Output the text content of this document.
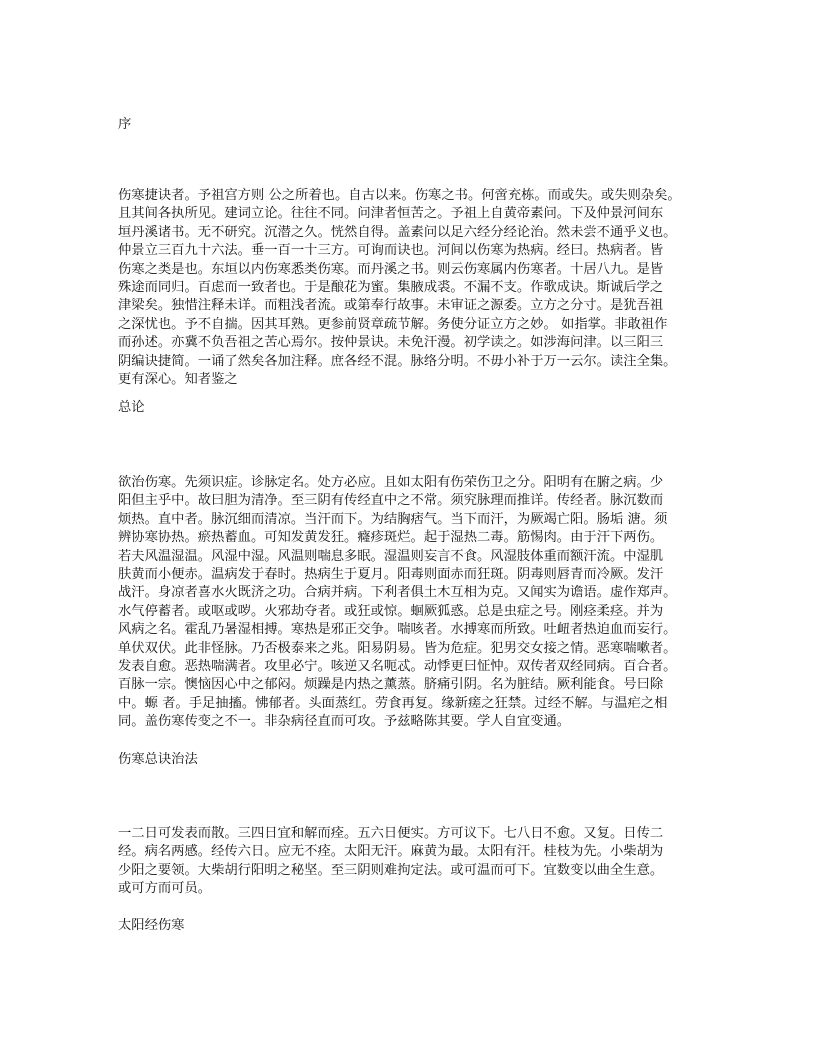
序
伤寒捷诀者。予祖宫方则 公之所着也。自古以来。伤寒之书。何啻充栋。而或失。或失则杂矣。
且其间各执所见。建词立论。往往不同。问津者恒苦之。予祖上自黄帝素问。下及仲景河间东
垣丹溪诸书。无不研究。沉潜之久。恍然自得。盖素问以足六经分经论治。然未尝不通乎义也。
仲景立三百九十六法。垂一百一十三方。可询而诀也。河间以伤寒为热病。经曰。热病者。皆
伤寒之类是也。东垣以内伤寒悉类伤寒。而丹溪之书。则云伤寒属内伤寒者。十居八九。是皆
殊途而同归。百虑而一致者也。于是酿花为蜜。集腋成裘。不漏不支。作歌成诀。斯诚后学之
津梁矣。独惜注释未详。而粗浅者流。或第奉行故事。未审证之源委。立方之分寸。是犹吾祖
之深忧也。予不自揣。因其耳熟。更参前贤章疏节解。务使分证立方之妙。 如指掌。非敢祖作
而孙述。亦冀不负吾祖之苦心焉尔。按仲景诀。未免汗漫。初学读之。如涉海问津。以三阳三
阴编诀捷简。一诵了然矣各加注释。庶各经不混。脉络分明。不毋小补于万一云尔。读注全集。
更有深心。知者鉴之
总论
欲治伤寒。先须识症。诊脉定名。处方必应。且如太阳有伤荣伤卫之分。阳明有在腑之病。少
阳但主乎中。故曰胆为清净。至三阴有传经直中之不常。须究脉理而推详。传经者。脉沉数而
烦热。直中者。脉沉细而清凉。当汗而下。为结胸痞气。当下而汗，为厥竭亡阳。肠垢 溏。须
辨协寒协热。瘀热蓄血。可知发黄发狂。癃疹斑烂。起于湿热二毒。筋惕肉。由于汗下两伤。
若夫风温湿温。风湿中湿。风温则喘息多眠。湿温则妄言不食。风湿肢体重而额汗流。中湿肌
肤黄而小便赤。温病发于春时。热病生于夏月。阳毒则面赤而狂斑。阴毒则唇青而冷厥。发汗
战汗。身凉者喜水火既济之功。合病并病。下利者俱土木互相为克。又闻实为谵语。虚作郑声。
水气停蓄者。或呕或哕。火邪劫夺者。或狂或惊。蛔厥狐惑。总是虫症之号。刚痉柔痉。并为
风病之名。霍乱乃暑湿相搏。寒热是邪正交争。喘咳者。水搏寒而所致。吐衄者热迫血而妄行。
单伏双伏。此非怪脉。乃否极泰来之兆。阳易阴易。皆为危症。犯男交女接之情。恶寒喘嗽者。
发表自愈。恶热喘满者。攻里必宁。咳逆又名呃忒。动悸更曰怔忡。双传者双经同病。百合者。
百脉一宗。懊恼因心中之郁闷。烦躁是内热之薰蒸。脐痛引阴。名为脏结。厥利能食。号曰除
中。螈 者。手足抽搐。怫郁者。头面蒸红。劳食再复。缘新瘥之狂禁。过经不解。与温疟之相
同。盖伤寒传变之不一。非杂病径直而可攻。予兹略陈其要。学人自宜变通。
伤寒总诀治法
一二日可发表而散。三四日宜和解而痊。五六日便实。方可议下。七八日不愈。又复。日传二
经。病名两感。经传六日。应无不痊。太阳无汗。麻黄为最。太阳有汗。桂枝为先。小柴胡为
少阳之要领。大柴胡行阳明之秘坚。至三阴则难拘定法。或可温而可下。宜数变以曲全生意。
或可方而可员。
太阳经伤寒
